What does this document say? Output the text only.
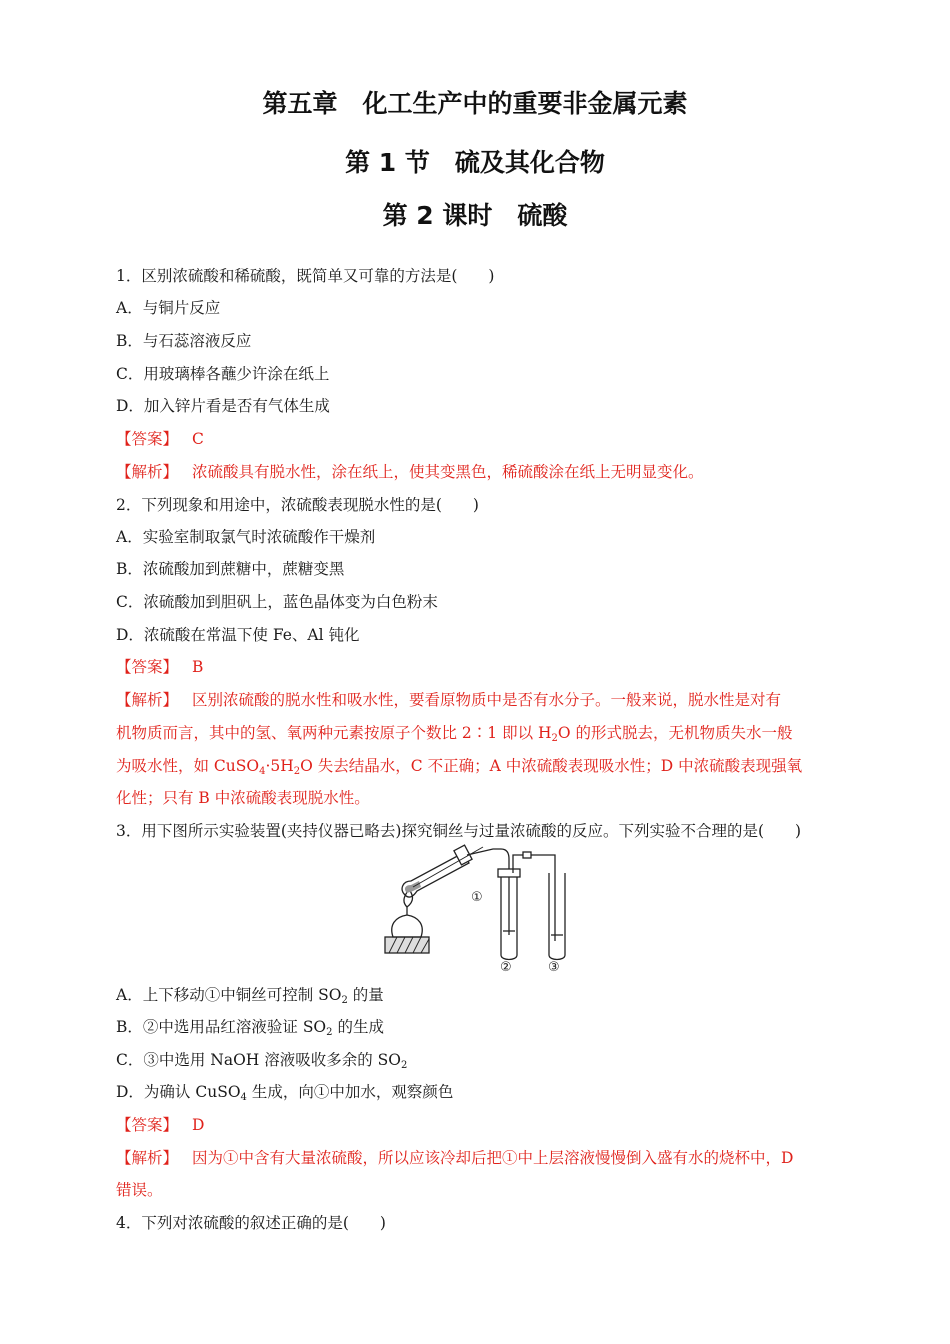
第五章　化工生产中的重要非金属元素
第 1 节　硫及其化合物
第 2 课时　硫酸
1．区别浓硫酸和稀硫酸，既简单又可靠的方法是(　　)
A．与铜片反应
B．与石蕊溶液反应
C．用玻璃棒各蘸少许涂在纸上
D．加入锌片看是否有气体生成
【答案】 C
【解析】 浓硫酸具有脱水性，涂在纸上，使其变黑色，稀硫酸涂在纸上无明显变化。
2．下列现象和用途中，浓硫酸表现脱水性的是(　　)
A．实验室制取氯气时浓硫酸作干燥剂
B．浓硫酸加到蔗糖中，蔗糖变黑
C．浓硫酸加到胆矾上，蓝色晶体变为白色粉末
D．浓硫酸在常温下使 Fe、Al 钝化
【答案】 B
【解析】 区别浓硫酸的脱水性和吸水性，要看原物质中是否有水分子。一般来说，脱水性是对有
机物质而言，其中的氢、氧两种元素按原子个数比 2∶1 即以 $H_2O$ 的形式脱去，无机物质失水一般
为吸水性，如 $CuSO_4\cdot 5H_2O$ 失去结晶水，C 不正确；A 中浓硫酸表现吸水性；D 中浓硫酸表现强氧
化性；只有 B 中浓硫酸表现脱水性。
3．用下图所示实验装置(夹持仪器已略去)探究铜丝与过量浓硫酸的反应。下列实验不合理的是(　　)
①
②	③
A．上下移动①中铜丝可控制 $SO_2$ 的量
B．②中选用品红溶液验证 $SO_2$ 的生成
C．③中选用 NaOH 溶液吸收多余的 $SO_2$
D．为确认 CuSO$_4$ 生成，向①中加水，观察颜色
【答案】 D
【解析】 因为①中含有大量浓硫酸，所以应该冷却后把①中上层溶液慢慢倒入盛有水的烧杯中，D
错误。
4．下列对浓硫酸的叙述正确的是(　　)
